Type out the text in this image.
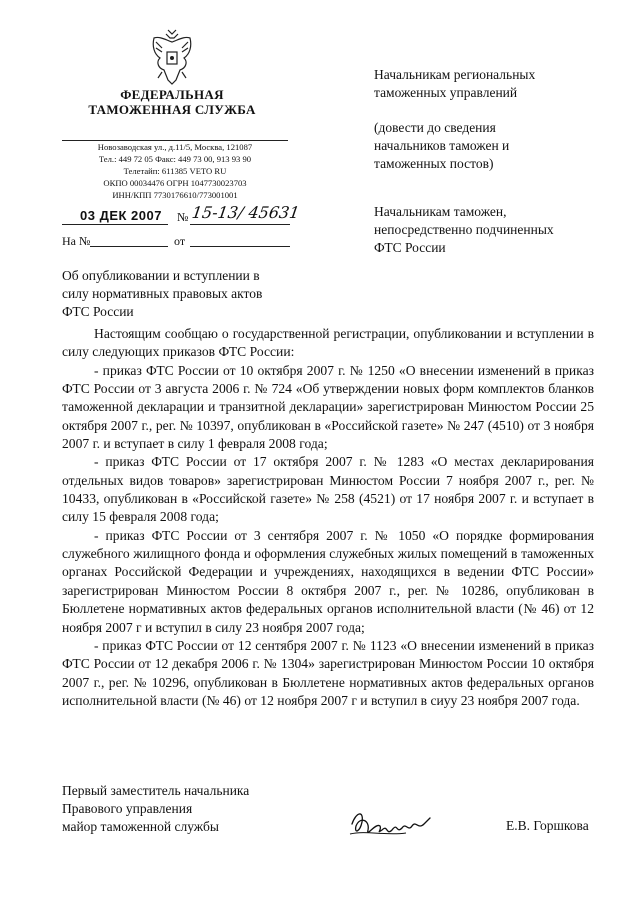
ФЕДЕРАЛЬНАЯ
ТАМОЖЕННАЯ СЛУЖБА
Новозаводская ул., д.11/5, Москва, 121087
Тел.: 449 72 05 Факс: 449 73 00, 913 93 90
Телетайп: 611385 VETO RU
ОКПО 00034476 ОГРН 1047730023703
ИНН/КПП 7730176610/773001001
03 ДЕК 2007 № 15-13/ 45631
На №	от
Начальникам региональных
таможенных управлений
(довести до сведения
начальников таможен и
таможенных постов)
Начальникам таможен,
непосредственно подчиненных
ФТС России
Об опубликовании и вступлении в
силу нормативных правовых актов
ФТС России

Настоящим сообщаю о государственной регистрации, опубликовании и вступлении в силу следующих приказов ФТС России:

- приказ ФТС России от 10 октября 2007 г. № 1250 «О внесении изменений в приказ ФТС России от 3 августа 2006 г. № 724 «Об утверждении новых форм комплектов бланков таможенной декларации и транзитной декларации» зарегистрирован Минюстом России 25 октября 2007 г., рег. № 10397, опубликован в «Российской газете» № 247 (4510) от 3 ноября 2007 г. и вступает в силу 1 февраля 2008 года;

- приказ ФТС России от 17 октября 2007 г. № 1283 «О местах декларирования отдельных видов товаров» зарегистрирован Минюстом России 7 ноября 2007 г., рег. № 10433, опубликован в «Российской газете» № 258 (4521) от 17 ноября 2007 г. и вступает в силу 15 февраля 2008 года;

- приказ ФТС России от 3 сентября 2007 г. № 1050 «О порядке формирования служебного жилищного фонда и оформления служебных жилых помещений в таможенных органах Российской Федерации и учреждениях, находящихся в ведении ФТС России» зарегистрирован Минюстом России 8 октября 2007 г., рег. № 10286, опубликован в Бюллетене нормативных актов федеральных органов исполнительной власти (№ 46) от 12 ноября 2007 г и вступил в силу 23 ноября 2007 года;

- приказ ФТС России от 12 сентября 2007 г. № 1123 «О внесении изменений в приказ ФТС России от 12 декабря 2006 г. № 1304» зарегистрирован Минюстом России 10 октября 2007 г., рег. № 10296, опубликован в Бюллетене нормативных актов федеральных органов исполнительной власти (№ 46) от 12 ноября 2007 г и вступил в сиуу 23 ноября 2007 года.

Первый заместитель начальника
Правового управления
майор таможенной службы	Е.В. Горшкова
